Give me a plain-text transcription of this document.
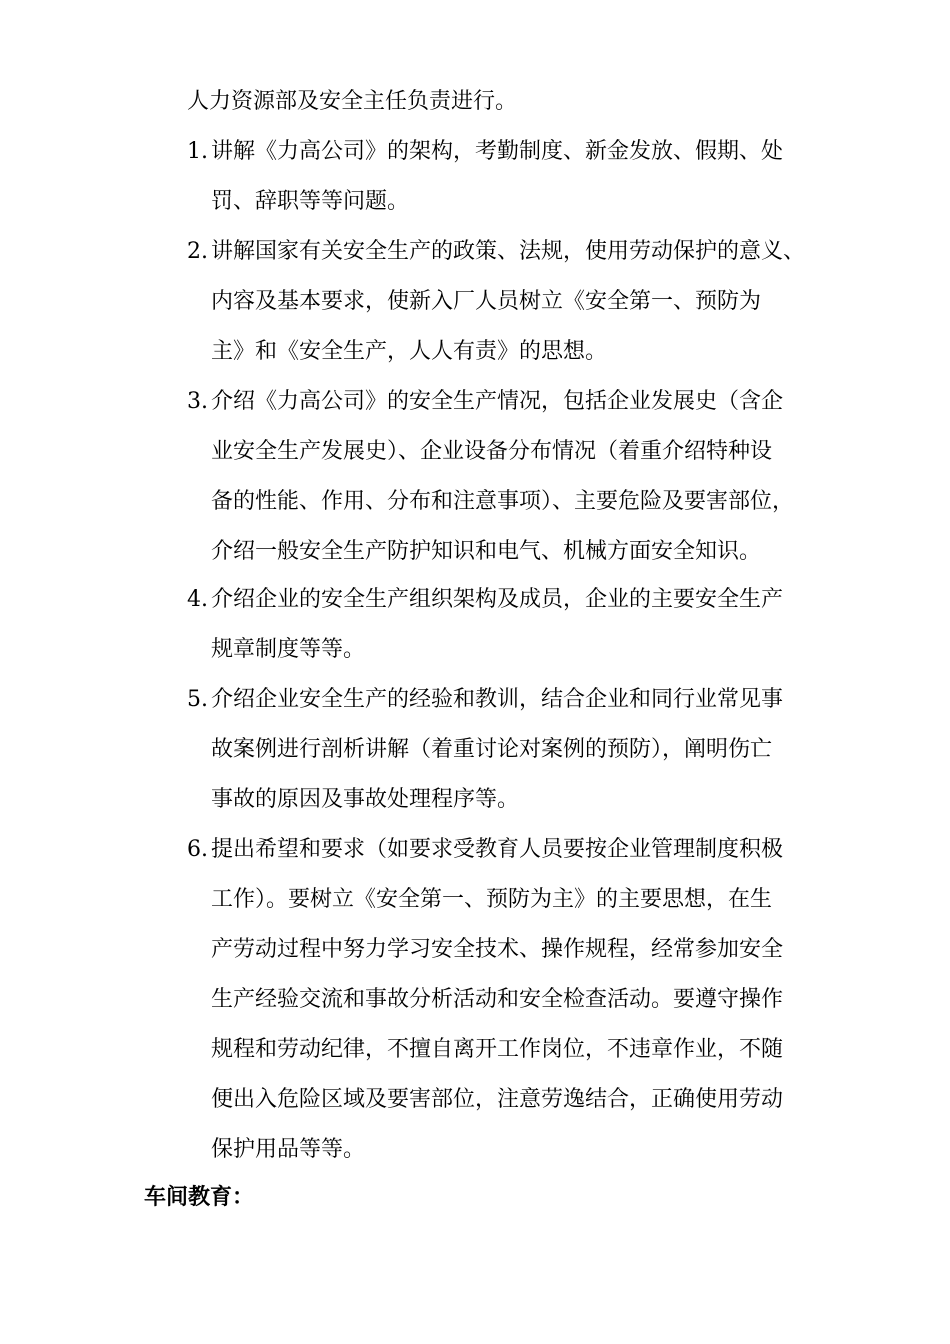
人力资源部及安全主任负责进行。
1. 讲解《力高公司》的架构，考勤制度、新金发放、假期、处
罚、辞职等等问题。
2. 讲解国家有关安全生产的政策、法规，使用劳动保护的意义、
内容及基本要求，使新入厂人员树立《安全第一、预防为
主》和《安全生产，人人有责》的思想。
3. 介绍《力高公司》的安全生产情况，包括企业发展史（含企
业安全生产发展史）、企业设备分布情况（着重介绍特种设
备的性能、作用、分布和注意事项）、主要危险及要害部位，
介绍一般安全生产防护知识和电气、机械方面安全知识。
4. 介绍企业的安全生产组织架构及成员，企业的主要安全生产
规章制度等等。
5. 介绍企业安全生产的经验和教训，结合企业和同行业常见事
故案例进行剖析讲解（着重讨论对案例的预防），阐明伤亡
事故的原因及事故处理程序等。
6. 提出希望和要求（如要求受教育人员要按企业管理制度积极
工作）。要树立《安全第一、预防为主》的主要思想，在生
产劳动过程中努力学习安全技术、操作规程，经常参加安全
生产经验交流和事故分析活动和安全检查活动。要遵守操作
规程和劳动纪律，不擅自离开工作岗位，不违章作业，不随
便出入危险区域及要害部位，注意劳逸结合，正确使用劳动
保护用品等等。
车间教育：
